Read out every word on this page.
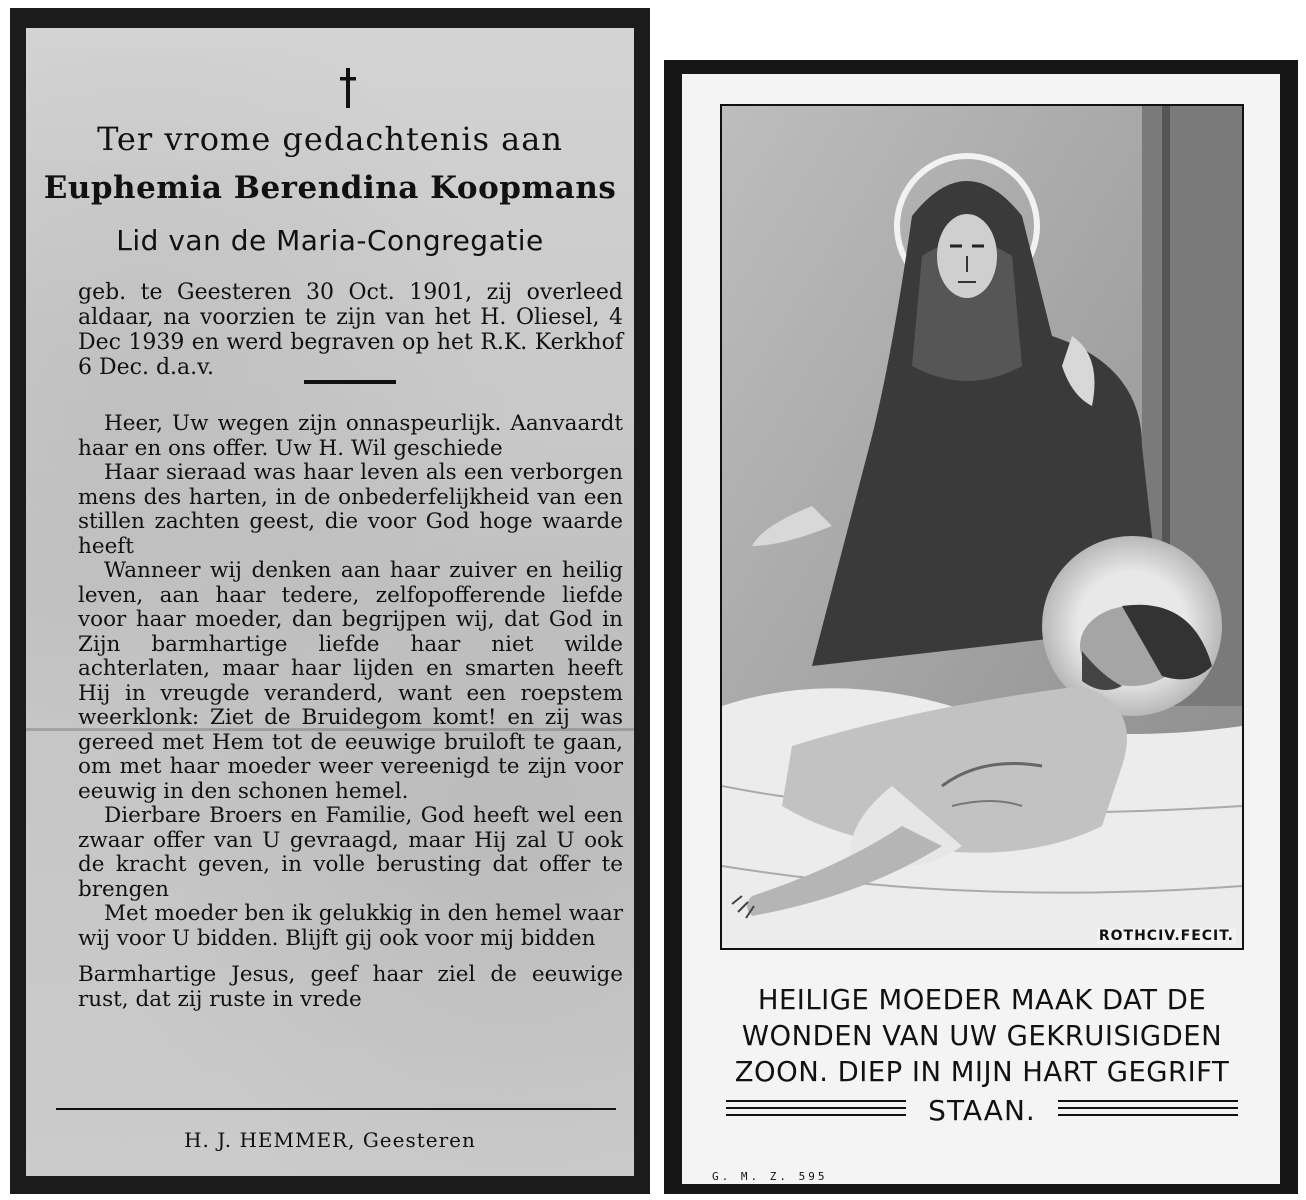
Ter vrome gedachtenis aan
Euphemia Berendina Koopmans
Lid van de Maria-Congregatie
geb. te Geesteren 30 Oct. 1901, zij overleed aldaar, na voorzien te zijn van het H. Oliesel, 4 Dec 1939 en werd begraven op het R.K. Kerkhof 6 Dec. d.a.v.

Heer, Uw wegen zijn onnaspeurlijk. Aanvaardt haar en ons offer. Uw H. Wil geschiede

Haar sieraad was haar leven als een verborgen mens des harten, in de onbederfelijkheid van een stillen zachten geest, die voor God hoge waarde heeft

Wanneer wij denken aan haar zuiver en heilig leven, aan haar tedere, zelfopofferende liefde voor haar moeder, dan begrijpen wij, dat God in Zijn barmhartige liefde haar niet wilde achterlaten, maar haar lijden en smarten heeft Hij in vreugde veranderd, want een roepstem weerklonk: Ziet de Bruidegom komt! en zij was gereed met Hem tot de eeuwige bruiloft te gaan, om met haar moeder weer vereenigd te zijn voor eeuwig in den schonen hemel.

Dierbare Broers en Familie, God heeft wel een zwaar offer van U gevraagd, maar Hij zal U ook de kracht geven, in volle berusting dat offer te brengen

Met moeder ben ik gelukkig in den hemel waar wij voor U bidden. Blijft gij ook voor mij bidden

Barmhartige Jesus, geef haar ziel de eeuwige rust, dat zij ruste in vrede

H. J. HEMMER, Geesteren
ROTHCIV.FECIT.
HEILIGE MOEDER MAAK DAT DE WONDEN VAN UW GEKRUISIGDEN ZOON. DIEP IN MIJN HART GEGRIFT
STAAN.
G. M. Z. 595
